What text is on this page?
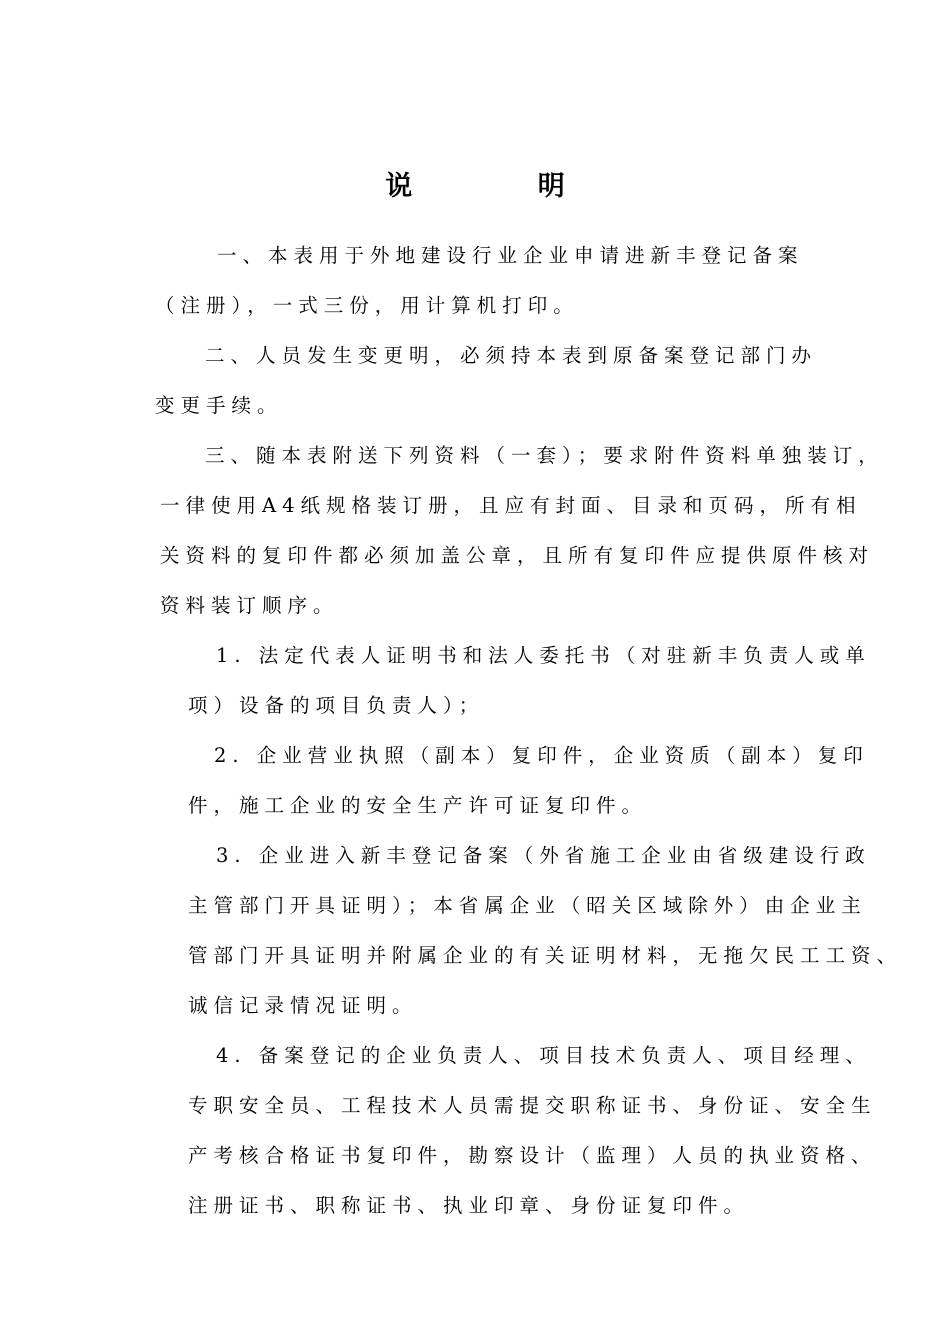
说 明
一、本表用于外地建设行业企业申请进新丰登记备案
（注册），一式三份，用计算机打印。
二、人员发生变更明，必须持本表到原备案登记部门办
变更手续。
三、随本表附送下列资料（一套）；要求附件资料单独装订，
一律使用A4纸规格装订册，且应有封面、目录和页码，所有相
关资料的复印件都必须加盖公章，且所有复印件应提供原件核对
资料装订顺序。
1. 法定代表人证明书和法人委托书（对驻新丰负责人或单
项）设备的项目负责人）；
2. 企业营业执照（副本）复印件，企业资质（副本）复印
件，施工企业的安全生产许可证复印件。
3. 企业进入新丰登记备案（外省施工企业由省级建设行政
主管部门开具证明）；本省属企业（昭关区域除外）由企业主
管部门开具证明并附属企业的有关证明材料，无拖欠民工工资、
诚信记录情况证明。
4. 备案登记的企业负责人、项目技术负责人、项目经理、
专职安全员、工程技术人员需提交职称证书、身份证、安全生
产考核合格证书复印件，勘察设计（监理）人员的执业资格、
注册证书、职称证书、执业印章、身份证复印件。
